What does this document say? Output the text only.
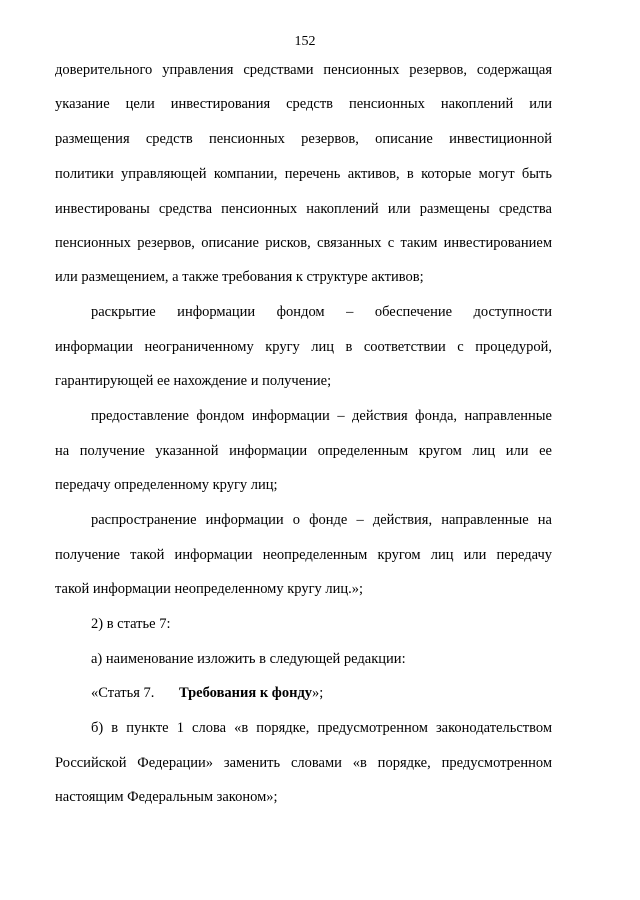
152
доверительного управления средствами пенсионных резервов, содержащая
указание цели инвестирования средств пенсионных накоплений или
размещения средств пенсионных резервов, описание инвестиционной
политики управляющей компании, перечень активов, в которые могут быть
инвестированы средства пенсионных накоплений или размещены средства
пенсионных резервов, описание рисков, связанных с таким инвестированием
или размещением, а также требования к структуре активов;
раскрытие информации фондом – обеспечение доступности
информации неограниченному кругу лиц в соответствии с процедурой,
гарантирующей ее нахождение и получение;
предоставление фондом информации – действия фонда, направленные
на получение указанной информации определенным кругом лиц или ее
передачу определенному кругу лиц;
распространение информации о фонде – действия, направленные на
получение такой информации неопределенным кругом лиц или передачу
такой информации неопределенному кругу лиц.»;
2) в статье 7:
а) наименование изложить в следующей редакции:
«Статья 7. Требования к фонду»;
б) в пункте 1 слова «в порядке, предусмотренном законодательством
Российской Федерации» заменить словами «в порядке, предусмотренном
настоящим Федеральным законом»;
